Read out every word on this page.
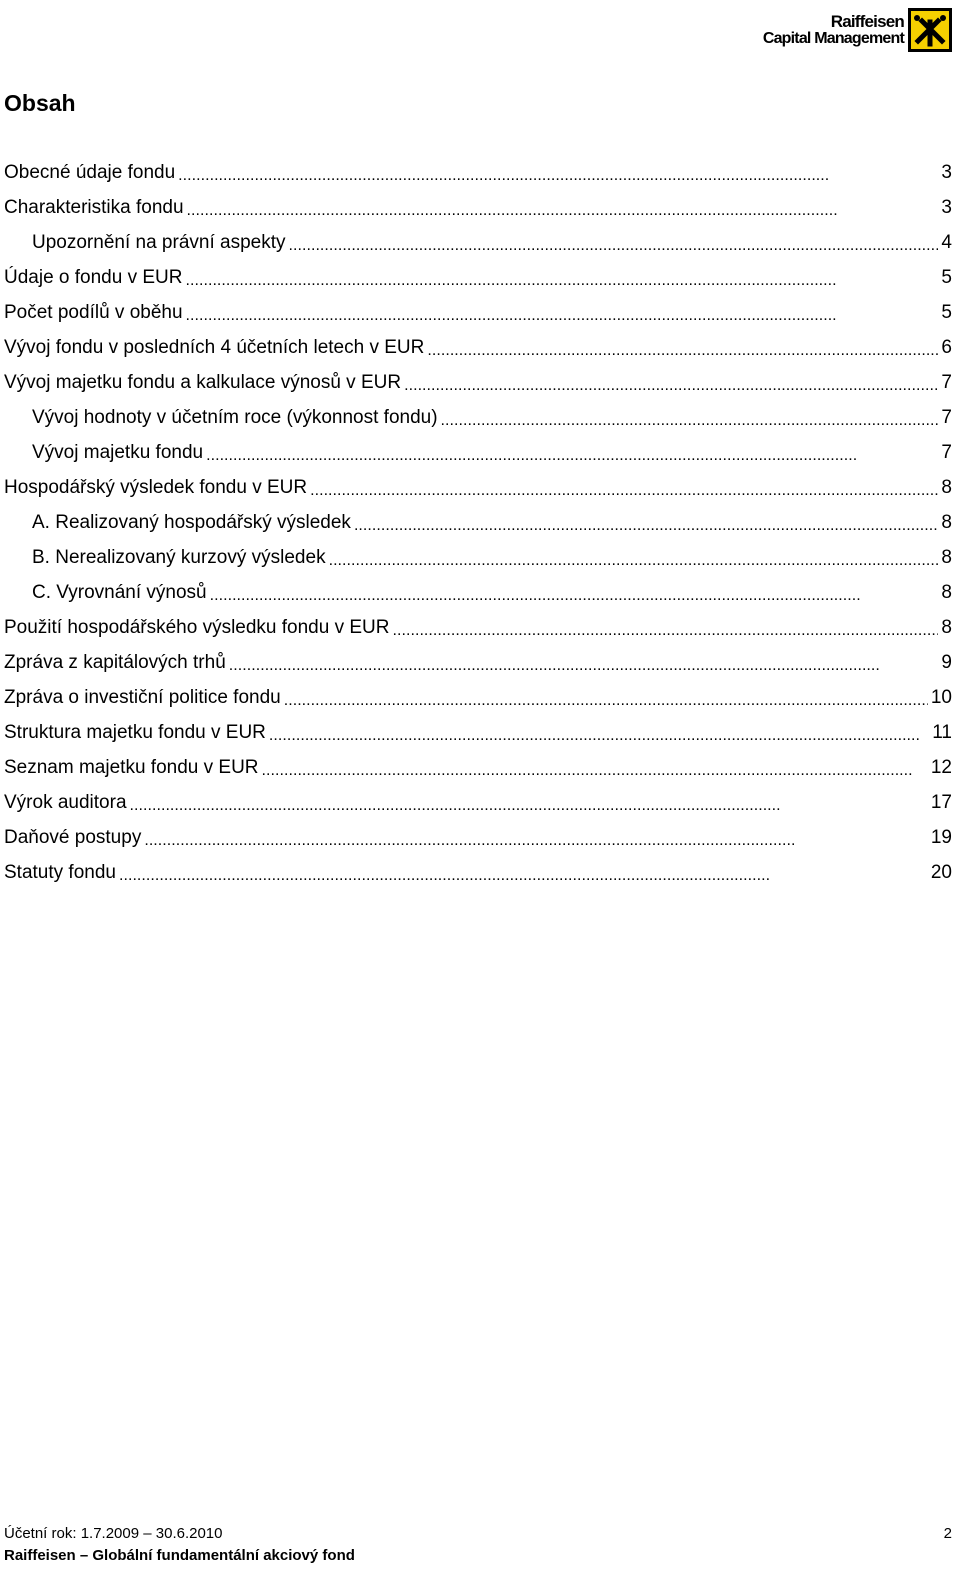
Raiffeisen
Capital Management
Obsah
Obecné údaje fondu . . .	3
Charakteristika fondu . . .	3
Upozornění na právní aspekty . . .	4
Údaje o fondu v EUR . . .	5
Počet podílů v oběhu . . .	5
Vývoj fondu v posledních 4 účetních letech v EUR . . .	6
Vývoj majetku fondu a kalkulace výnosů v EUR . . .	7
Vývoj hodnoty v účetním roce (výkonnost fondu) . . .	7
Vývoj majetku fondu . . .	7
Hospodářský výsledek fondu v EUR . . .	8
A. Realizovaný hospodářský výsledek . . .	8
B. Nerealizovaný kurzový výsledek . . .	8
C. Vyrovnání výnosů . . .	8
Použití hospodářského výsledku fondu v EUR . . .	8
Zpráva z kapitálových trhů . . .	9
Zpráva o investiční politice fondu . . .	10
Struktura majetku fondu v EUR . . .	11
Seznam majetku fondu v EUR . . .	12
Výrok auditora . . .	17
Daňové postupy . . .	19
Statuty fondu . . .	20
Účetní rok: 1.7.2009 – 30.6.2010	2
Raiffeisen – Globální fundamentální akciový fond
